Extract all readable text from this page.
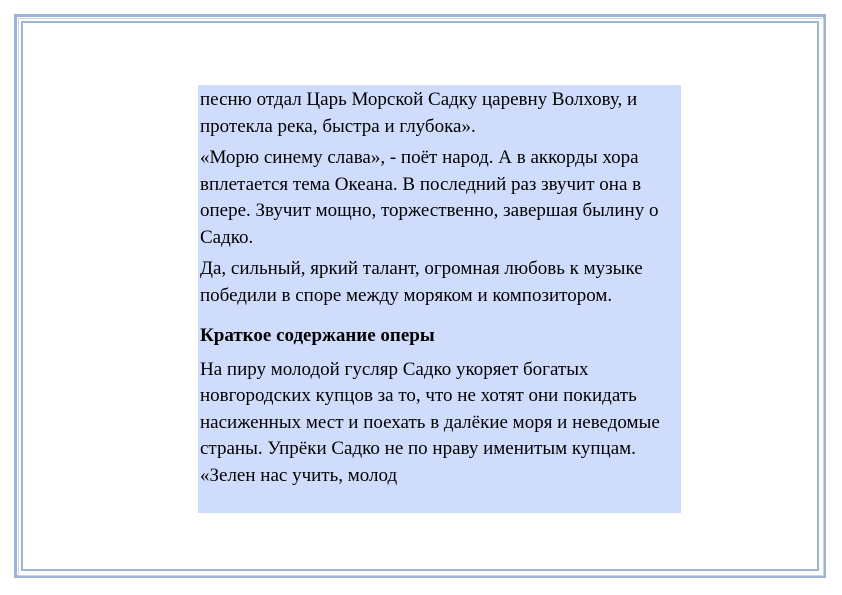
песню отдал Царь Морской Садку царевну Волхову, и протекла река, быстра и глубока».

«Морю синему слава», - поёт народ. А в аккорды хора вплетается тема Океана. В последний раз звучит она в опере. Звучит мощно, торжественно, завершая былину о Садко.

Да, сильный, яркий талант, огромная любовь к музыке победили в споре между моряком и композитором.

Краткое содержание оперы

На пиру молодой гусляр Садко укоряет богатых новгородских купцов за то, что не хотят они покидать насиженных мест и поехать в далёкие моря и неведомые страны. Упрёки Садко не по нраву именитым купцам. «Зелен нас учить, молод
